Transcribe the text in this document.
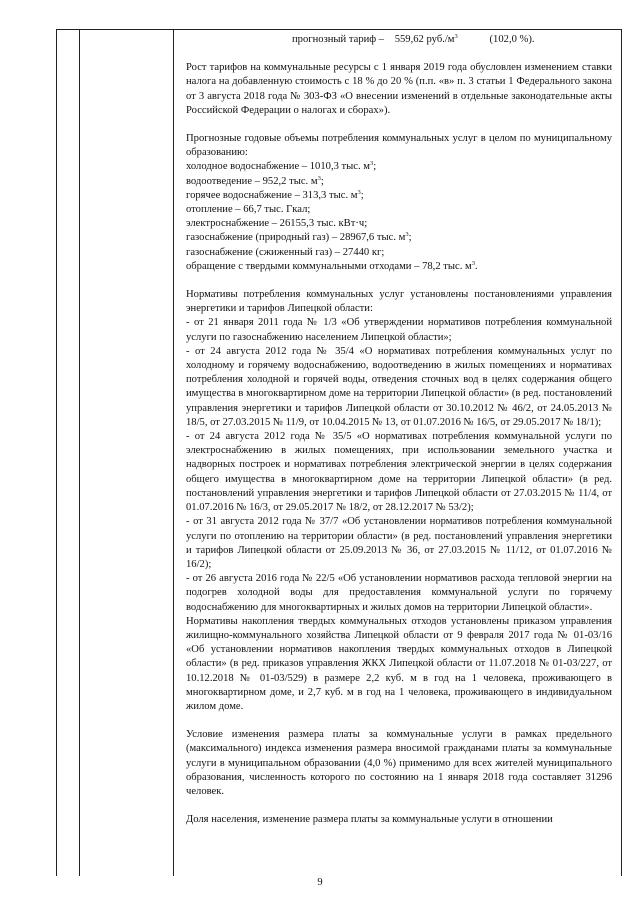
прогнозный тариф – 559,62 $руб./м^3$	(102,0 %).

Рост тарифов на коммунальные ресурсы с 1 января 2019 года обусловлен изменением ставки налога на добавленную стоимость с 18 % до 20 % (п.п. «в» п. 3 статьи 1 Федерального закона от 3 августа 2018 года № 303-ФЗ «О внесении изменений в отдельные законодательные акты Российской Федерации о налогах и сборах»).

Прогнозные годовые объемы потребления коммунальных услуг в целом по муниципальному образованию:

холодное водоснабжение – 1010,3 тыс. $м^3$;

водоотведение – 952,2 тыс. $м^3$;

горячее водоснабжение – 313,3 тыс. $м^3$;

отопление – 66,7 тыс. Гкал;

электроснабжение – 26155,3 тыс. кВт·ч;

газоснабжение (природный газ) – 28967,6 тыс. $м^3$;

газоснабжение (сжиженный газ) – 27440 кг;

обращение с твердыми коммунальными отходами – 78,2 тыс. $м^3$.

Нормативы потребления коммунальных услуг установлены постановлениями управления энергетики и тарифов Липецкой области:

- от 21 января 2011 года № 1/3 «Об утверждении нормативов потребления коммунальной услуги по газоснабжению населением Липецкой области»;

- от 24 августа 2012 года № 35/4 «О нормативах потребления коммунальных услуг по холодному и горячему водоснабжению, водоотведению в жилых помещениях и нормативах потребления холодной и горячей воды, отведения сточных вод в целях содержания общего имущества в многоквартирном доме на территории Липецкой области» (в ред. постановлений управления энергетики и тарифов Липецкой области от 30.10.2012 № 46/2, от 24.05.2013 № 18/5, от 27.03.2015 № 11/9, от 10.04.2015 № 13, от 01.07.2016 № 16/5, от 29.05.2017 № 18/1);

- от 24 августа 2012 года № 35/5 «О нормативах потребления коммунальной услуги по электроснабжению в жилых помещениях, при использовании земельного участка и надворных построек и нормативах потребления электрической энергии в целях содержания общего имущества в многоквартирном доме на территории Липецкой области» (в ред. постановлений управления энергетики и тарифов Липецкой области от 27.03.2015 № 11/4, от 01.07.2016 № 16/3, от 29.05.2017 № 18/2, от 28.12.2017 № 53/2);

- от 31 августа 2012 года № 37/7 «Об установлении нормативов потребления коммунальной услуги по отоплению на территории области» (в ред. постановлений управления энергетики и тарифов Липецкой области от 25.09.2013 № 36, от 27.03.2015 № 11/12, от 01.07.2016 № 16/2);

- от 26 августа 2016 года № 22/5 «Об установлении нормативов расхода тепловой энергии на подогрев холодной воды для предоставления коммунальной услуги по горячему водоснабжению для многоквартирных и жилых домов на территории Липецкой области».

Нормативы накопления твердых коммунальных отходов установлены приказом управления жилищно-коммунального хозяйства Липецкой области от 9 февраля 2017 года № 01-03/16 «Об установлении нормативов накопления твердых коммунальных отходов в Липецкой области» (в ред. приказов управления ЖКХ Липецкой области от 11.07.2018 № 01-03/227, от 10.12.2018 № 01-03/529) в размере 2,2 куб. м в год на 1 человека, проживающего в многоквартирном доме, и 2,7 куб. м в год на 1 человека, проживающего в индивидуальном жилом доме.

Условие изменения размера платы за коммунальные услуги в рамках предельного (максимального) индекса изменения размера вносимой гражданами платы за коммунальные услуги в муниципальном образовании (4,0 %) применимо для всех жителей муниципального образования, численность которого по состоянию на 1 января 2018 года составляет 31296 человек.

Доля населения, изменение размера платы за коммунальные услуги в отношении

9
